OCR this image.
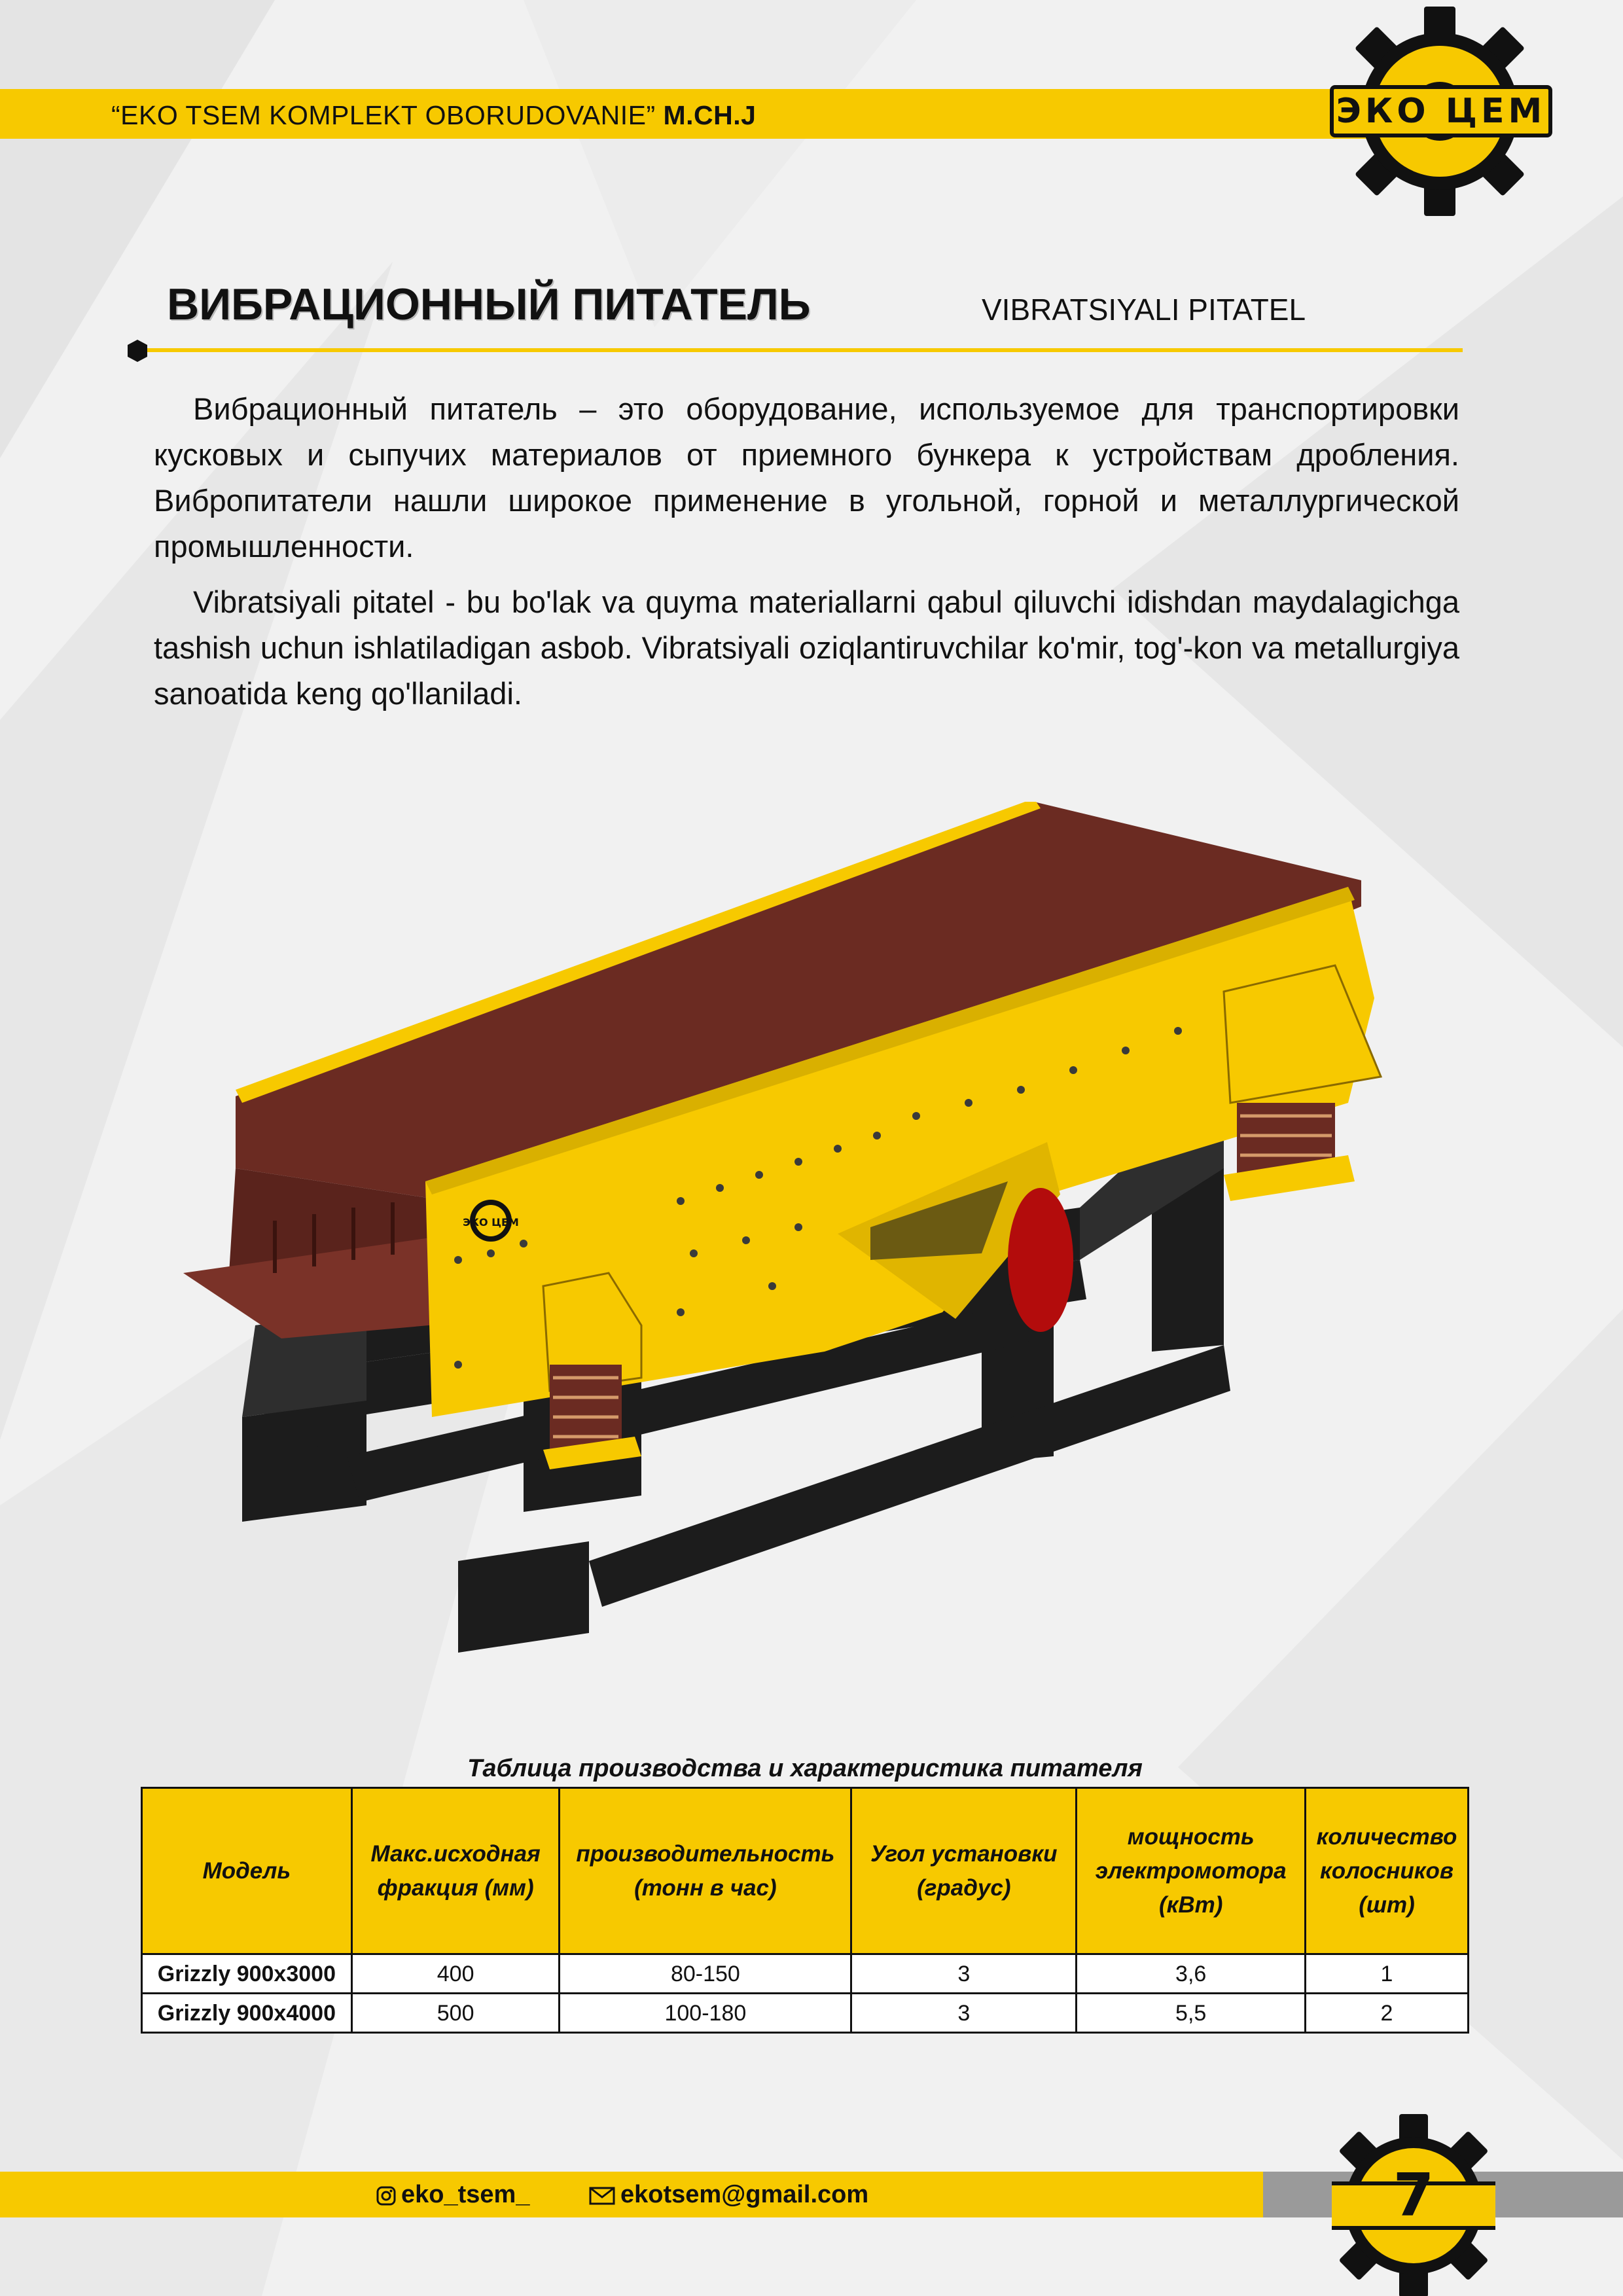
“EKO TSEM KOMPLEKT OBORUDOVANIE” M.CH.J	ЭКО ЦЕМ
ВИБРАЦИОННЫЙ ПИТАТЕЛЬ	VIBRATSIYALI PITATEL
Вибрационный питатель – это оборудование, используемое для транспортировки кусковых и сыпучих материалов от приемного бункера к устройствам дробления. Вибропитатели нашли широкое применение в угольной, горной и металлургической промышленности.
Vibratsiyali pitatel - bu bo'lak va quyma materiallarni qabul qiluvchi idishdan maydalagichga tashish uchun ishlatiladigan asbob. Vibratsiyali oziqlantiruvchilar ko'mir, tog'-kon va metallurgiya sanoatida keng qo'llaniladi.
ЭКО ЦЕМ
Таблица производства и характеристика питателя
Модель	Макс.исходная фракция (мм)	производительность (тонн в час)	Угол установки (градус)	мощность электромотора (кВт)	количество колосников (шт)
Grizzly 900x3000	400	80-150	3	3,6	1
Grizzly 900x4000	500	100-180	3	5,5	2
eko_tsem_	ekotsem@gmail.com	7
